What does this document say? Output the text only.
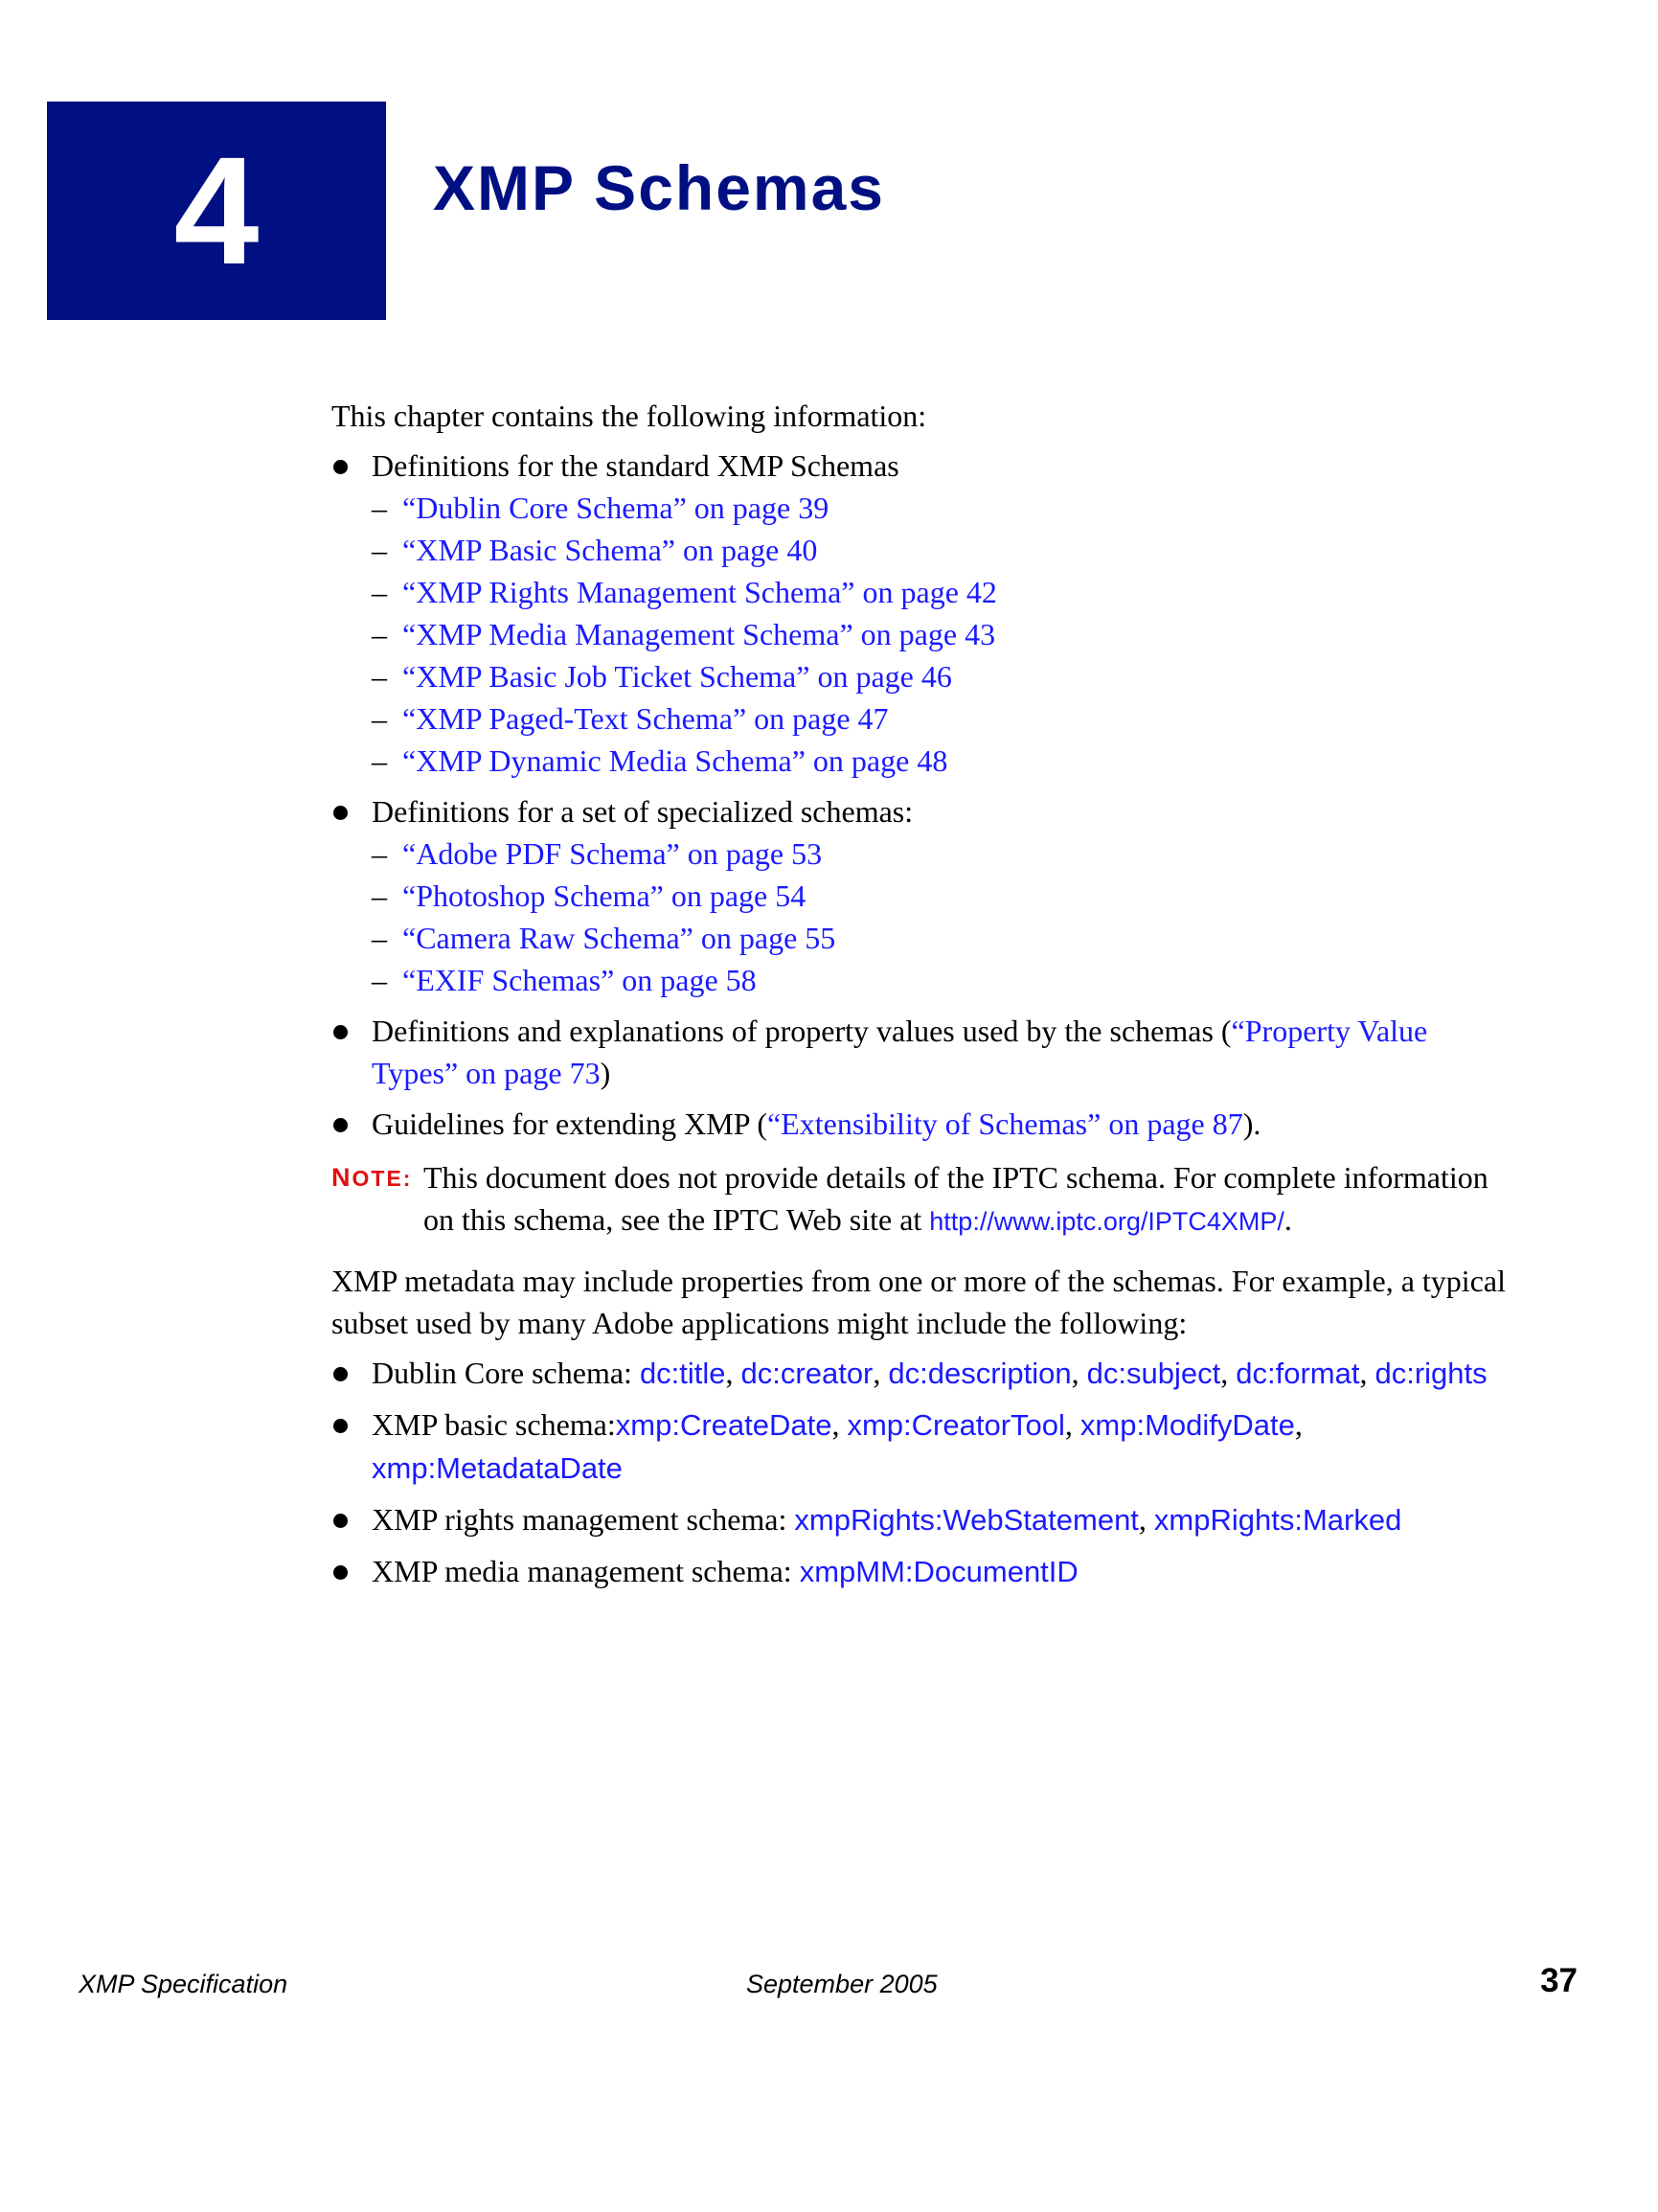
4	XMP Schemas

This chapter contains the following information:

Definitions for the standard XMP Schemas
– “Dublin Core Schema” on page 39
– “XMP Basic Schema” on page 40
– “XMP Rights Management Schema” on page 42
– “XMP Media Management Schema” on page 43
– “XMP Basic Job Ticket Schema” on page 46
– “XMP Paged-Text Schema” on page 47
– “XMP Dynamic Media Schema” on page 48
Definitions for a set of specialized schemas:
– “Adobe PDF Schema” on page 53
– “Photoshop Schema” on page 54
– “Camera Raw Schema” on page 55
– “EXIF Schemas” on page 58
Definitions and explanations of property values used by the schemas (“Property Value Types” on page 73)
Guidelines for extending XMP (“Extensibility of Schemas” on page 87).
NOTE: This document does not provide details of the IPTC schema. For complete information on this schema, see the IPTC Web site at http://www.iptc.org/IPTC4XMP/.

XMP metadata may include properties from one or more of the schemas. For example, a typical subset used by many Adobe applications might include the following:

Dublin Core schema: dc:title, dc:creator, dc:description, dc:subject, dc:format, dc:rights
XMP basic schema:xmp:CreateDate, xmp:CreatorTool, xmp:ModifyDate, xmp:MetadataDate
XMP rights management schema: xmpRights:WebStatement, xmpRights:Marked
XMP media management schema: xmpMM:DocumentID
XMP Specification	September 2005	37
